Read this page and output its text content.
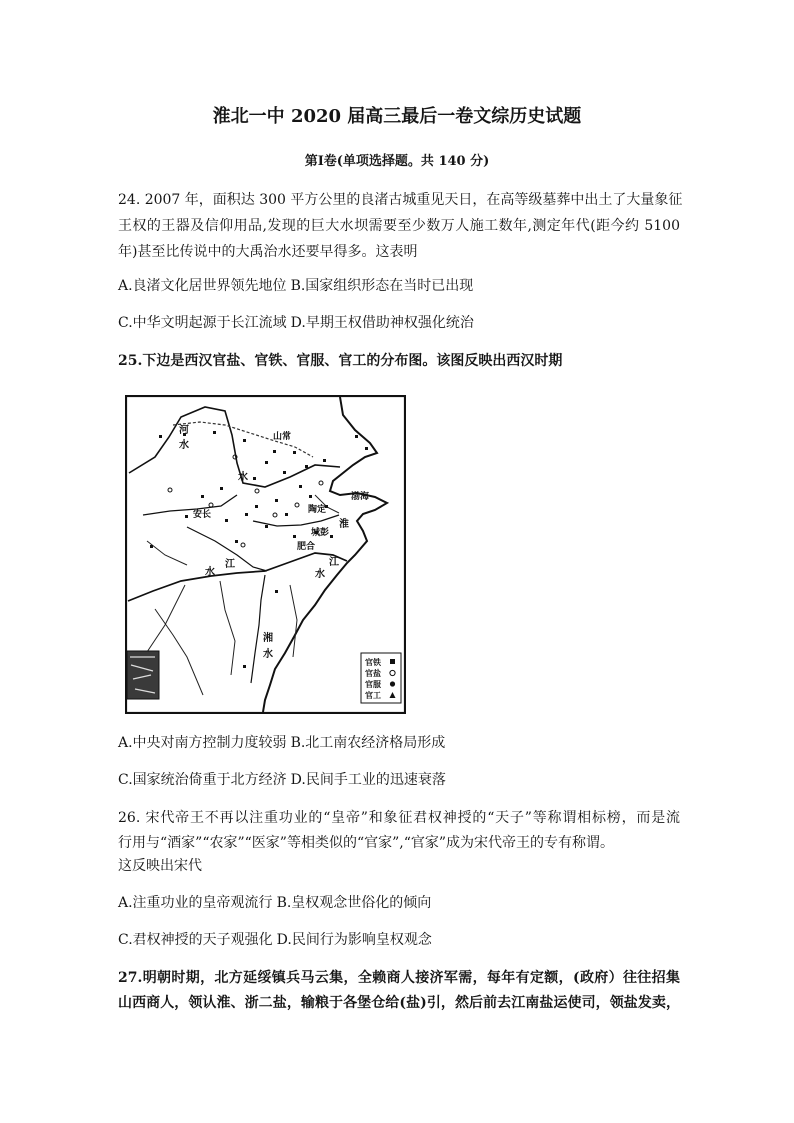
淮北一中 2020 届高三最后一卷文综历史试题
第Ⅰ卷(单项选择题。共 140 分)
24. 2007 年，面积达 300 平方公里的良渚古城重见天日，在高等级墓葬中出土了大量象征
王权的王器及信仰用品,发现的巨大水坝需要至少数万人施工数年,测定年代(距今约 5100
年)甚至比传说中的大禹治水还要早得多。这表明
A.良渚文化居世界领先地位 B.国家组织形态在当时已出现
C.中华文明起源于长江流域 D.早期王权借助神权强化统治
25.下边是西汉官盐、官铁、官服、官工的分布图。该图反映出西汉时期
河
水
山常
水
渤海
陶定
安长
城彭
淮
肥合
江
水
江
水
湘
水
官铁
官盐
官服
官工
A.中央对南方控制力度较弱 B.北工南农经济格局形成
C.国家统治倚重于北方经济 D.民间手工业的迅速衰落
26. 宋代帝王不再以注重功业的“皇帝”和象征君权神授的“天子”等称谓相标榜，而是流
行用与“酒家”“农家”“医家”等相类似的“官家”,“官家”成为宋代帝王的专有称谓。
这反映出宋代
A.注重功业的皇帝观流行 B.皇权观念世俗化的倾向
C.君权神授的天子观强化 D.民间行为影响皇权观念
27.明朝时期，北方延绥镇兵马云集，全赖商人接济军需，每年有定额，(政府）往往招集
山西商人，领认淮、浙二盐，输粮于各堡仓给(盐)引，然后前去江南盐运使司，领盐发卖，
